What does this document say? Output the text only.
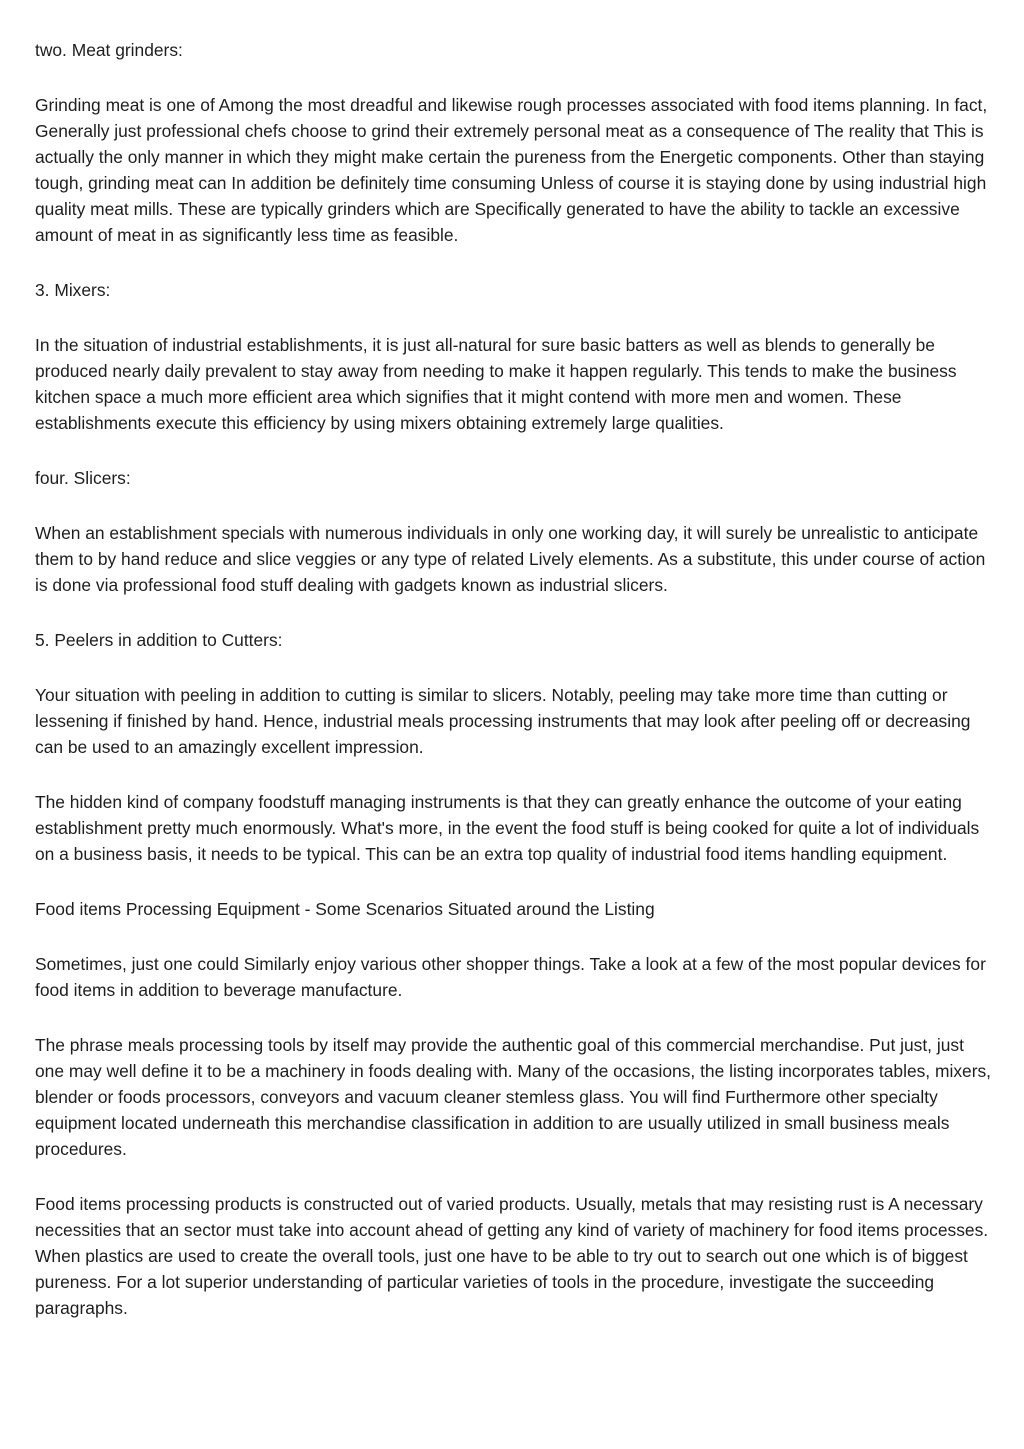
two. Meat grinders:

Grinding meat is one of Among the most dreadful and likewise rough processes associated with food items planning. In fact, Generally just professional chefs choose to grind their extremely personal meat as a consequence of The reality that This is actually the only manner in which they might make certain the pureness from the Energetic components. Other than staying tough, grinding meat can In addition be definitely time consuming Unless of course it is staying done by using industrial high quality meat mills. These are typically grinders which are Specifically generated to have the ability to tackle an excessive amount of meat in as significantly less time as feasible.

3. Mixers:

In the situation of industrial establishments, it is just all-natural for sure basic batters as well as blends to generally be produced nearly daily prevalent to stay away from needing to make it happen regularly. This tends to make the business kitchen space a much more efficient area which signifies that it might contend with more men and women. These establishments execute this efficiency by using mixers obtaining extremely large qualities.

four. Slicers:

When an establishment specials with numerous individuals in only one working day, it will surely be unrealistic to anticipate them to by hand reduce and slice veggies or any type of related Lively elements. As a substitute, this under course of action is done via professional food stuff dealing with gadgets known as industrial slicers.

5. Peelers in addition to Cutters:

Your situation with peeling in addition to cutting is similar to slicers. Notably, peeling may take more time than cutting or lessening if finished by hand. Hence, industrial meals processing instruments that may look after peeling off or decreasing can be used to an amazingly excellent impression.

The hidden kind of company foodstuff managing instruments is that they can greatly enhance the outcome of your eating establishment pretty much enormously. What's more, in the event the food stuff is being cooked for quite a lot of individuals on a business basis, it needs to be typical. This can be an extra top quality of industrial food items handling equipment.

Food items Processing Equipment - Some Scenarios Situated around the Listing

Sometimes, just one could Similarly enjoy various other shopper things. Take a look at a few of the most popular devices for food items in addition to beverage manufacture.

The phrase meals processing tools by itself may provide the authentic goal of this commercial merchandise. Put just, just one may well define it to be a machinery in foods dealing with. Many of the occasions, the listing incorporates tables, mixers, blender or foods processors, conveyors and vacuum cleaner stemless glass. You will find Furthermore other specialty equipment located underneath this merchandise classification in addition to are usually utilized in small business meals procedures.

Food items processing products is constructed out of varied products. Usually, metals that may resisting rust is A necessary necessities that an sector must take into account ahead of getting any kind of variety of machinery for food items processes. When plastics are used to create the overall tools, just one have to be able to try out to search out one which is of biggest pureness. For a lot superior understanding of particular varieties of tools in the procedure, investigate the succeeding paragraphs.
